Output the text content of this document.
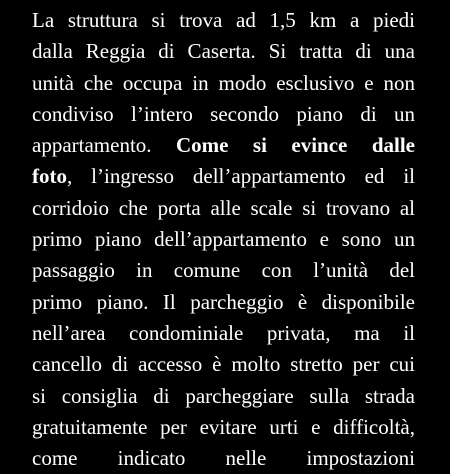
La struttura si trova ad 1,5 km a piedi
dalla Reggia di Caserta. Si tratta di una
unità che occupa in modo esclusivo e non
condiviso l’intero secondo piano di un
appartamento. Come si evince dalle
foto, l’ingresso dell’appartamento ed il
corridoio che porta alle scale si trovano al
primo piano dell’appartamento e sono un
passaggio in comune con l’unità del
primo piano. Il parcheggio è disponibile
nell’area condominiale privata, ma il
cancello di accesso è molto stretto per cui
si consiglia di parcheggiare sulla strada
gratuitamente per evitare urti e difficoltà,
come indicato nelle impostazioni
